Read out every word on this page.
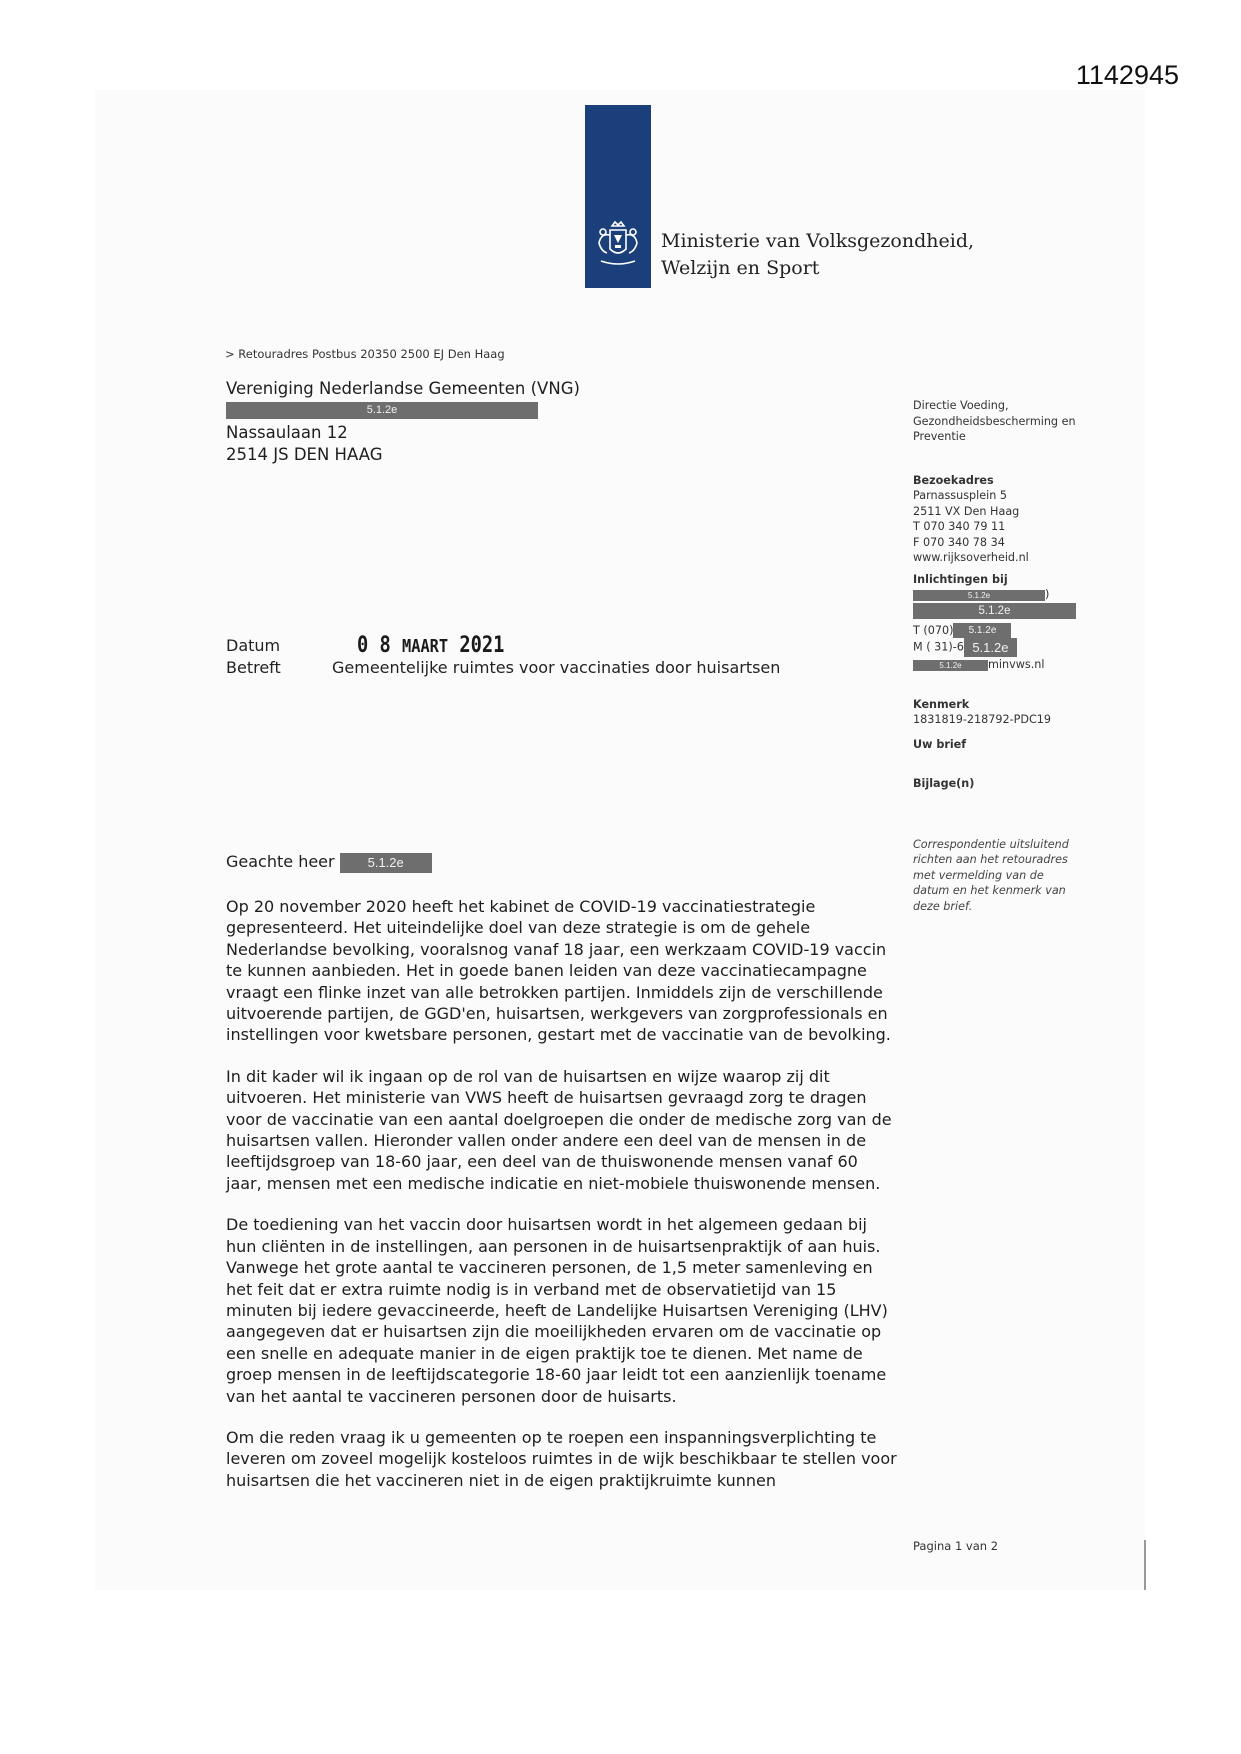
1142945
Ministerie van Volksgezondheid,
Welzijn en Sport
> Retouradres Postbus 20350 2500 EJ Den Haag
Vereniging Nederlandse Gemeenten (VNG)
5.1.2e
Nassaulaan 12
2514 JS DEN HAAG
Directie Voeding,
Gezondheidsbescherming en
Preventie
Bezoekadres
Parnassusplein 5
2511 VX Den Haag
T 070 340 79 11
F 070 340 78 34
www.rijksoverheid.nl
Inlichtingen bij
5.1.2e	)
5.1.2e
T (070) 5.1.2e
M ( 31)-6 5.1.2e
5.1.2e minvws.nl
Kenmerk
1831819-218792-PDC19
Uw brief
Bijlage(n)
Correspondentie uitsluitend
richten aan het retouradres
met vermelding van de
datum en het kenmerk van
deze brief.
Datum	0 8 MAART 2021
Betreft	Gemeentelijke ruimtes voor vaccinaties door huisartsen
Geachte heer	5.1.2e

Op 20 november 2020 heeft het kabinet de COVID-19 vaccinatiestrategie gepresenteerd. Het uiteindelijke doel van deze strategie is om de gehele Nederlandse bevolking, vooralsnog vanaf 18 jaar, een werkzaam COVID-19 vaccin te kunnen aanbieden. Het in goede banen leiden van deze vaccinatiecampagne vraagt een flinke inzet van alle betrokken partijen. Inmiddels zijn de verschillende uitvoerende partijen, de GGD'en, huisartsen, werkgevers van zorgprofessionals en instellingen voor kwetsbare personen, gestart met de vaccinatie van de bevolking.

In dit kader wil ik ingaan op de rol van de huisartsen en wijze waarop zij dit uitvoeren. Het ministerie van VWS heeft de huisartsen gevraagd zorg te dragen voor de vaccinatie van een aantal doelgroepen die onder de medische zorg van de huisartsen vallen. Hieronder vallen onder andere een deel van de mensen in de leeftijdsgroep van 18-60 jaar, een deel van de thuiswonende mensen vanaf 60 jaar, mensen met een medische indicatie en niet-mobiele thuiswonende mensen.

De toediening van het vaccin door huisartsen wordt in het algemeen gedaan bij hun cliënten in de instellingen, aan personen in de huisartsenpraktijk of aan huis. Vanwege het grote aantal te vaccineren personen, de 1,5 meter samenleving en het feit dat er extra ruimte nodig is in verband met de observatietijd van 15 minuten bij iedere gevaccineerde, heeft de Landelijke Huisartsen Vereniging (LHV) aangegeven dat er huisartsen zijn die moeilijkheden ervaren om de vaccinatie op een snelle en adequate manier in de eigen praktijk toe te dienen. Met name de groep mensen in de leeftijdscategorie 18-60 jaar leidt tot een aanzienlijk toename van het aantal te vaccineren personen door de huisarts.

Om die reden vraag ik u gemeenten op te roepen een inspanningsverplichting te leveren om zoveel mogelijk kosteloos ruimtes in de wijk beschikbaar te stellen voor huisartsen die het vaccineren niet in de eigen praktijkruimte kunnen

Pagina 1 van 2
